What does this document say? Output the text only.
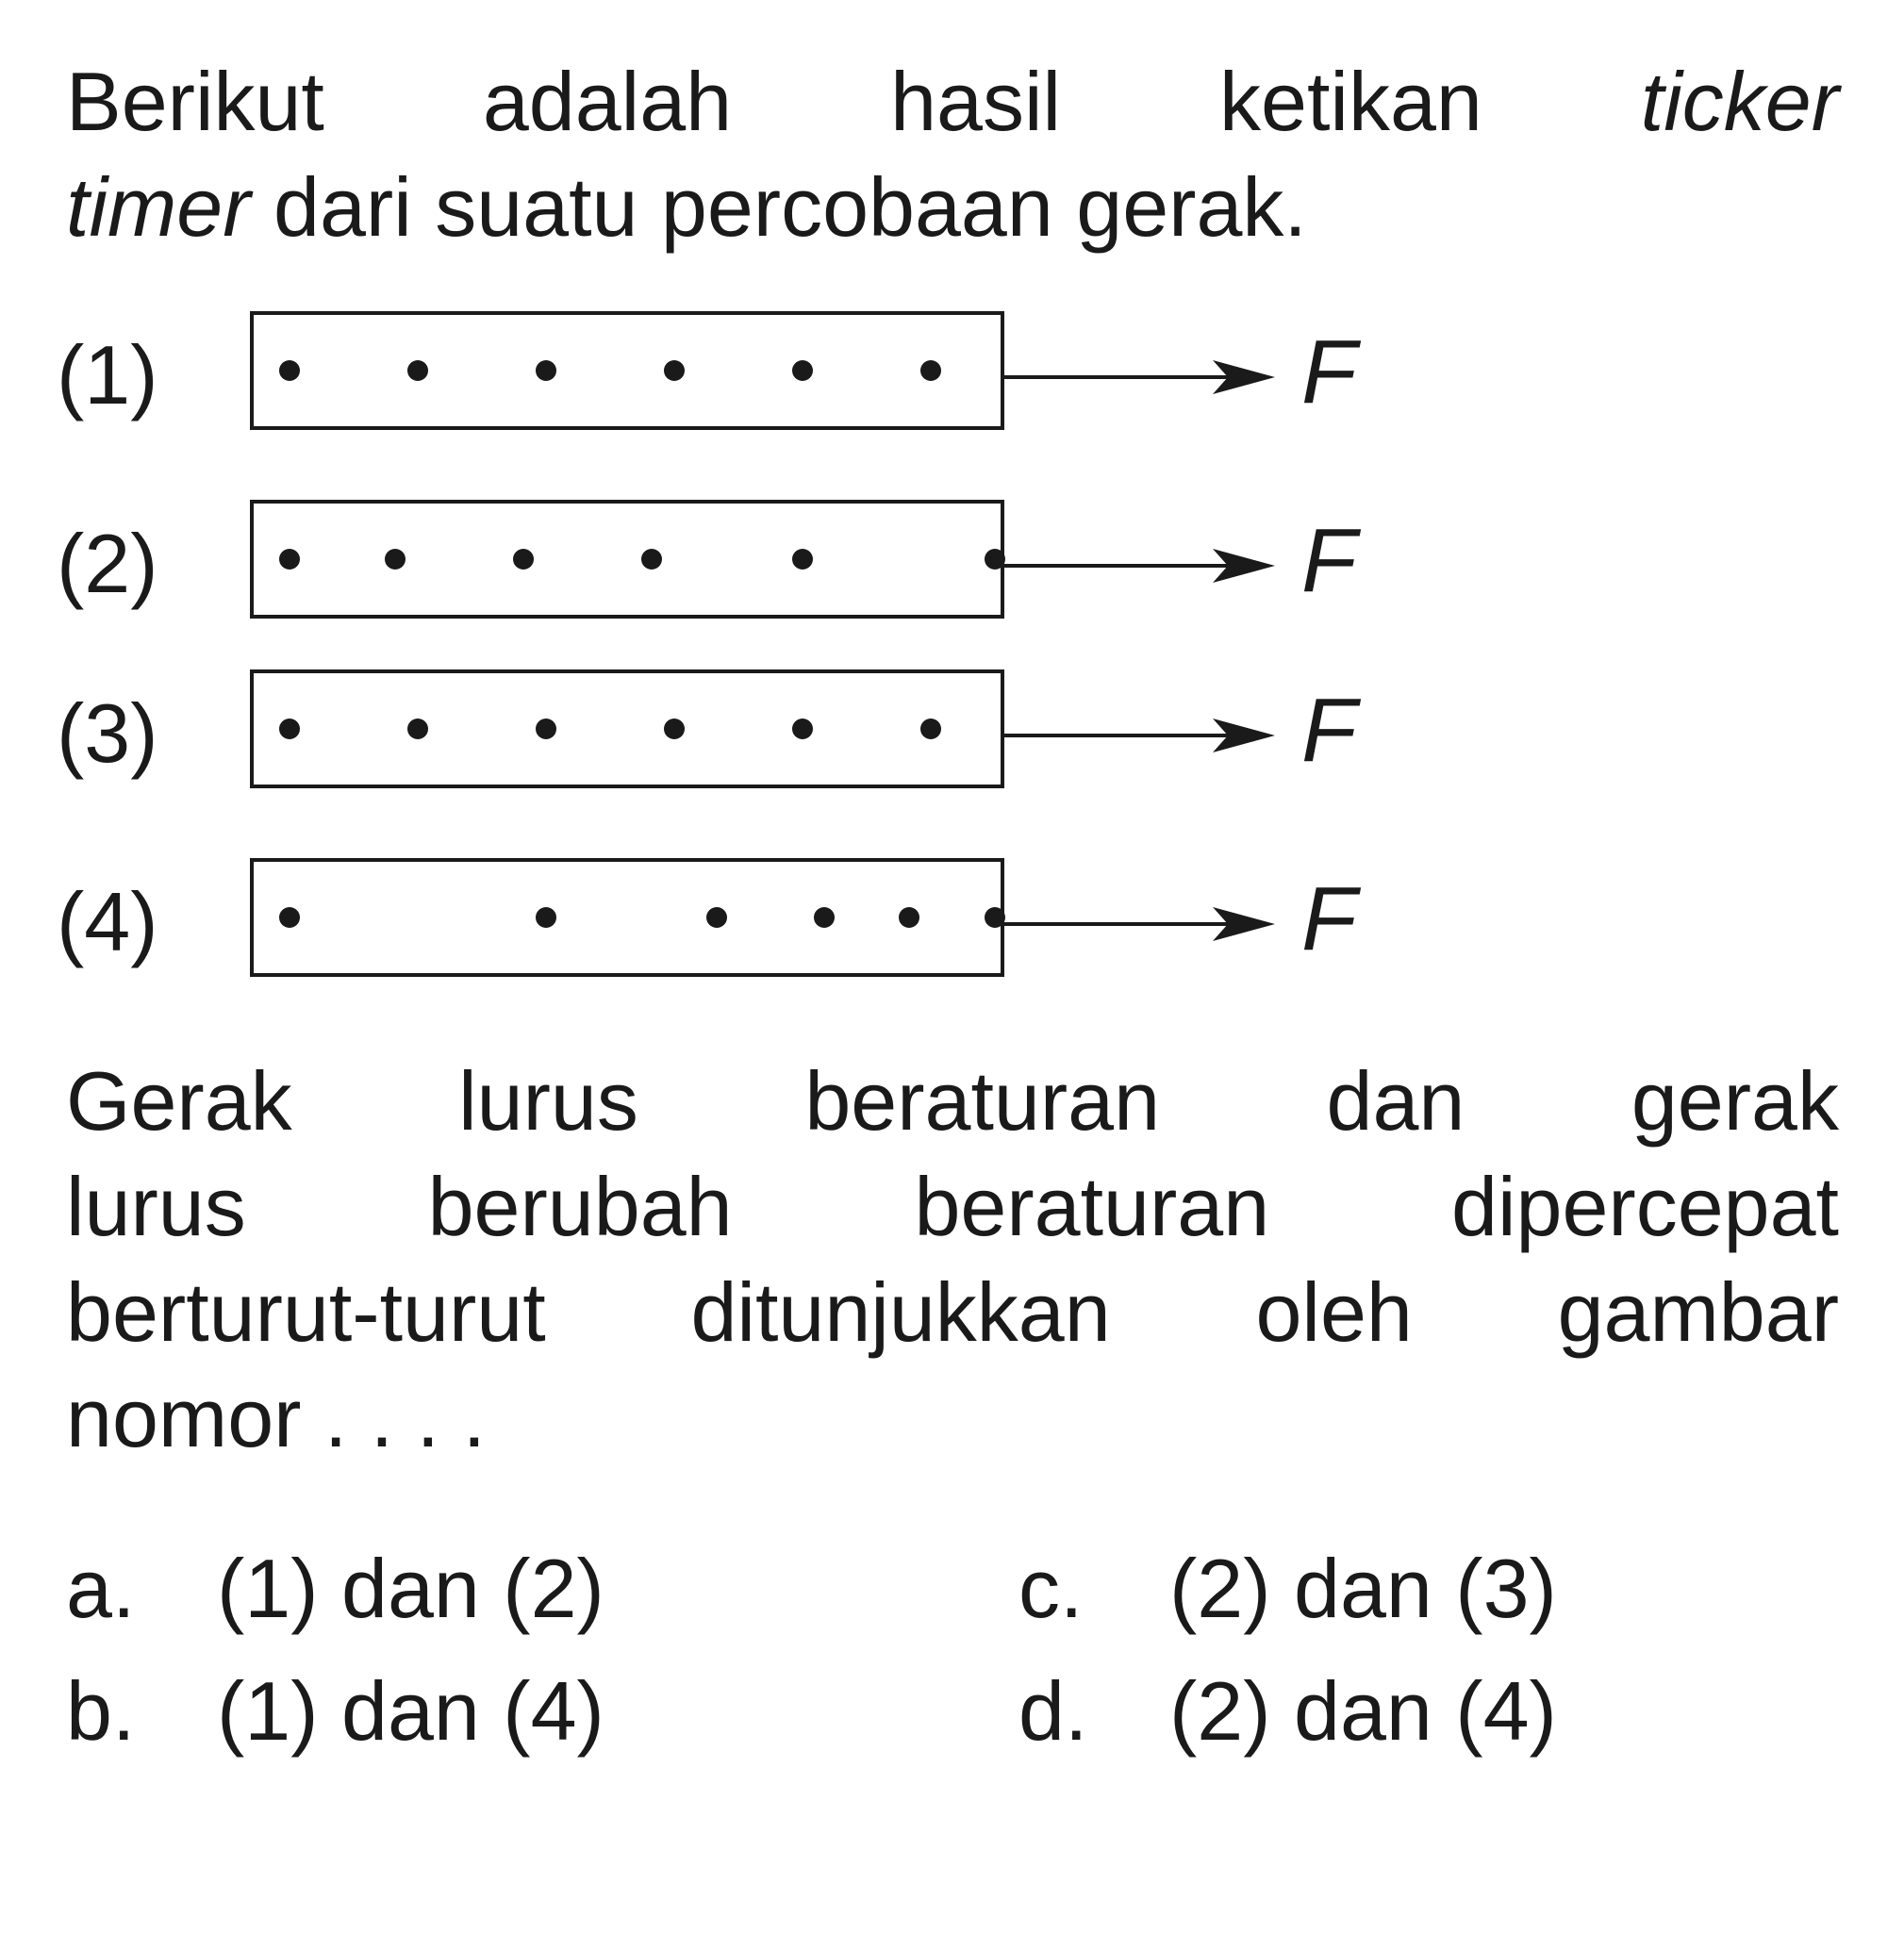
Berikut adalah hasil ketikan ticker
timer dari suatu percobaan gerak.
(1)	F
(2)	F
(3)	F
(4)	F
Gerak lurus beraturan dan gerak
lurus berubah beraturan dipercepat
berturut-turut ditunjukkan oleh gambar
nomor . . . .
a. (1) dan (2)
b. (1) dan (4)
c. (2) dan (3)
d. (2) dan (4)
